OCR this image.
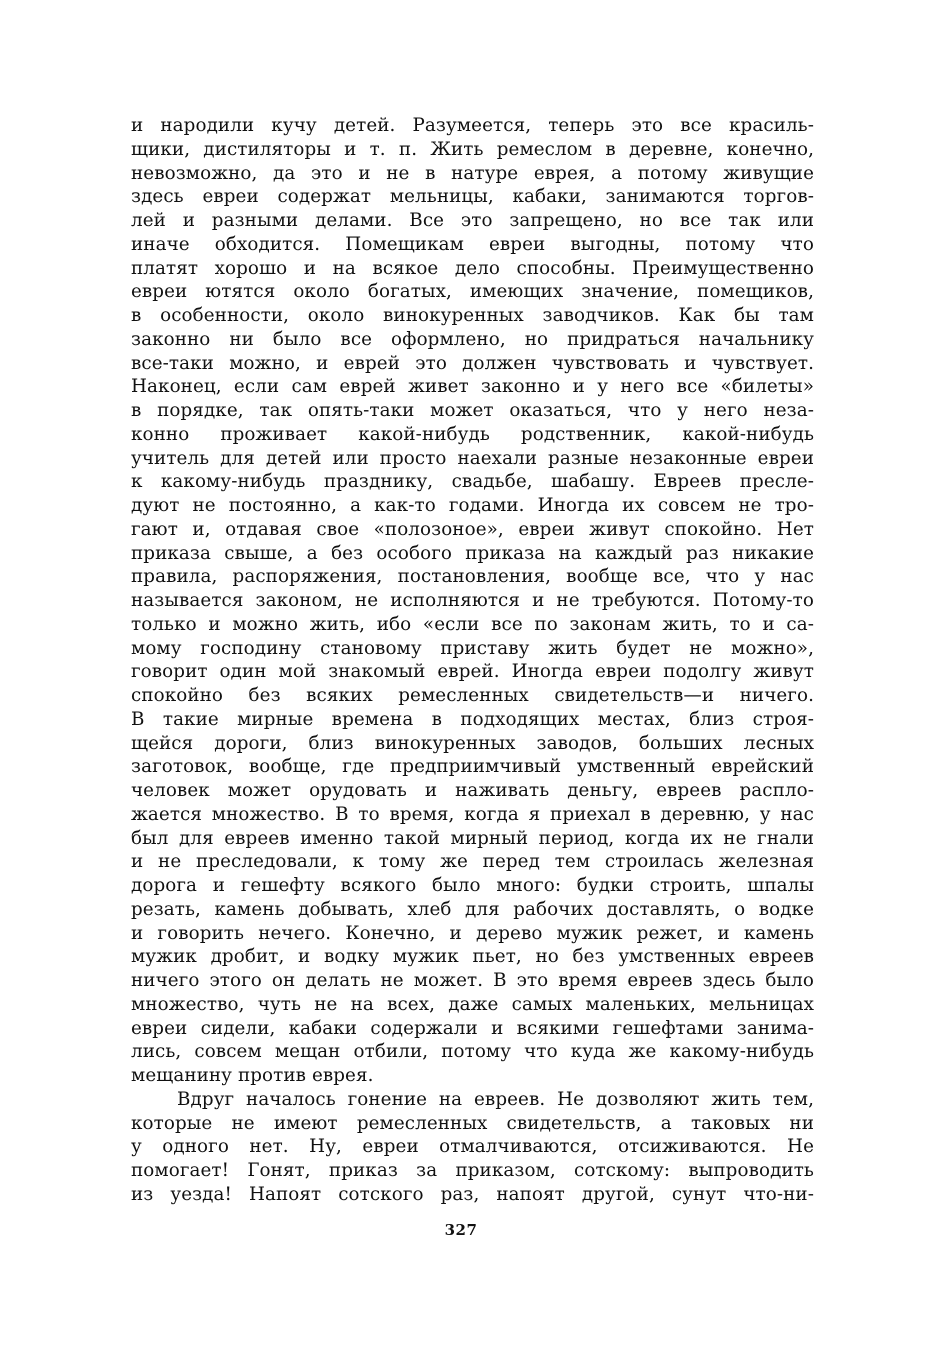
и народили кучу детей. Разумеется, теперь это все красиль-
щики, дистиляторы и т. п. Жить ремеслом в деревне, конечно,
невозможно, да это и не в натуре еврея, а потому живущие
здесь евреи содержат мельницы, кабаки, занимаются торгов-
лей и разными делами. Все это запрещено, но все так или
иначе обходится. Помещикам евреи выгодны, потому что
платят хорошо и на всякое дело способны. Преимущественно
евреи ютятся около богатых, имеющих значение, помещиков,
в особенности, около винокуренных заводчиков. Как бы там
законно ни было все оформлено, но придраться начальнику
все-таки можно, и еврей это должен чувствовать и чувствует.
Наконец, если сам еврей живет законно и у него все «билеты»
в порядке, так опять-таки может оказаться, что у него неза-
конно проживает какой-нибудь родственник, какой-нибудь
учитель для детей или просто наехали разные незаконные евреи
к какому-нибудь празднику, свадьбе, шабашу. Евреев пресле-
дуют не постоянно, а как-то годами. Иногда их совсем не тро-
гают и, отдавая свое «полозоное», евреи живут спокойно. Нет
приказа свыше, а без особого приказа на каждый раз никакие
правила, распоряжения, постановления, вообще все, что у нас
называется законом, не исполняются и не требуются. Потому-то
только и можно жить, ибо «если все по законам жить, то и са-
мому господину становому приставу жить будет не можно»,
говорит один мой знакомый еврей. Иногда евреи подолгу живут
спокойно без всяких ремесленных свидетельств—и ничего.
В такие мирные времена в подходящих местах, близ строя-
щейся дороги, близ винокуренных заводов, больших лесных
заготовок, вообще, где предприимчивый умственный еврейский
человек может орудовать и наживать деньгу, евреев распло-
жается множество. В то время, когда я приехал в деревню, у нас
был для евреев именно такой мирный период, когда их не гнали
и не преследовали, к тому же перед тем строилась железная
дорога и гешефту всякого было много: будки строить, шпалы
резать, камень добывать, хлеб для рабочих доставлять, о водке
и говорить нечего. Конечно, и дерево мужик режет, и камень
мужик дробит, и водку мужик пьет, но без умственных евреев
ничего этого он делать не может. В это время евреев здесь было
множество, чуть не на всех, даже самых маленьких, мельницах
евреи сидели, кабаки содержали и всякими гешефтами занима-
лись, совсем мещан отбили, потому что куда же какому-нибудь
мещанину против еврея.
Вдруг началось гонение на евреев. Не дозволяют жить тем,
которые не имеют ремесленных свидетельств, а таковых ни
у одного нет. Ну, евреи отмалчиваются, отсиживаются. Не
помогает! Гонят, приказ за приказом, сотскому: выпроводить
из уезда! Напоят сотского раз, напоят другой, сунут что-ни-
327
